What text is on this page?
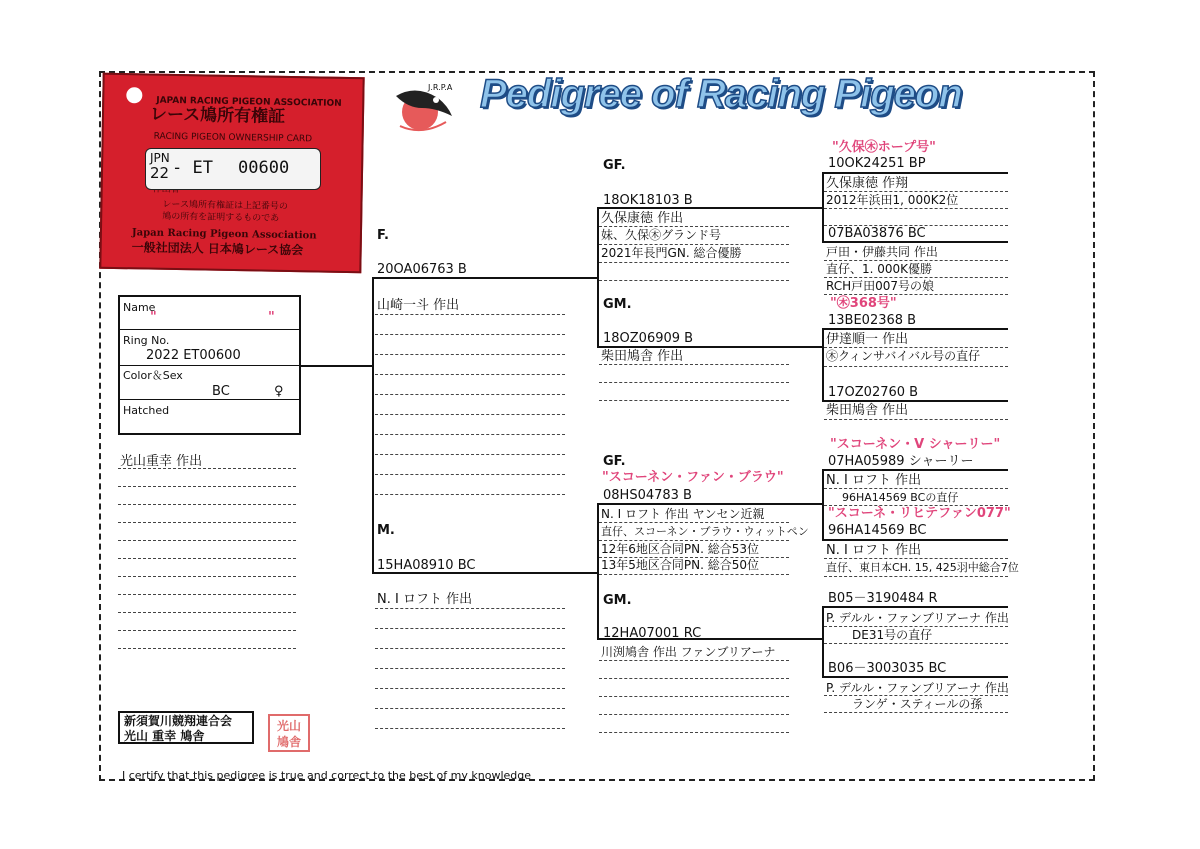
JAPAN RACING PIGEON ASSOCIATION
レース鳩所有権証
RACING PIGEON OWNERSHIP CARD
レース鳩所有権証は上記番号の
鳩の所有を証明するものであ
Japan Racing Pigeon Association
一般社団法人 日本鳩レース協会
JPN
22 - ET 00600
J.R.P.A Pedigree of Racing Pigeon
Name
"	"
Ring No.
2022 ET00600
Color＆Sex
BC	♀
Hatched
光山重幸 作出
新須賀川競翔連合会
光山 重幸 鳩舎
光山
鳩舎
I certify that this pedigree is true and correct to the best of my knowledge
F.
20OA06763 B
山崎一斗 作出
M.
15HA08910 BC
N. I ロフト 作出
GF.
18OK18103 B
久保康徳 作出
妹、久保㊍グランド号
2021年長門GN. 総合優勝
GM.
18OZ06909 B
柴田鳩舎 作出
GF.
"スコーネン・ファン・ブラウ"
08HS04783 B
N. I ロフト 作出 ヤンセン近親
直仔、スコーネン・ブラウ・ウィットペン
12年6地区合同PN. 総合53位
13年5地区合同PN. 総合50位
GM.
12HA07001 RC
川渕鳩舎 作出 ファンブリアーナ
"久保㊍ホープ号"
10OK24251 BP
久保康徳 作翔
2012年浜田1, 000K2位
07BA03876 BC
戸田・伊藤共同 作出
直仔、1. 000K優勝
RCH戸田007号の娘
"㊍368号"
13BE02368 B
伊達順一 作出
㊍クィンサバイバル号の直仔
17OZ02760 B
柴田鳩舎 作出
"スコーネン・V シャーリー"
07HA05989 シャーリー
N. I ロフト 作出
96HA14569 BCの直仔
"スコーネ・リヒテファン077"
96HA14569 BC
N. I ロフト 作出
直仔、東日本CH. 15, 425羽中総合7位
B05－3190484 R
P. デルル・ファンブリアーナ 作出
DE31号の直仔
B06－3003035 BC
P. デルル・ファンブリアーナ 作出
ランゲ・スティールの孫
